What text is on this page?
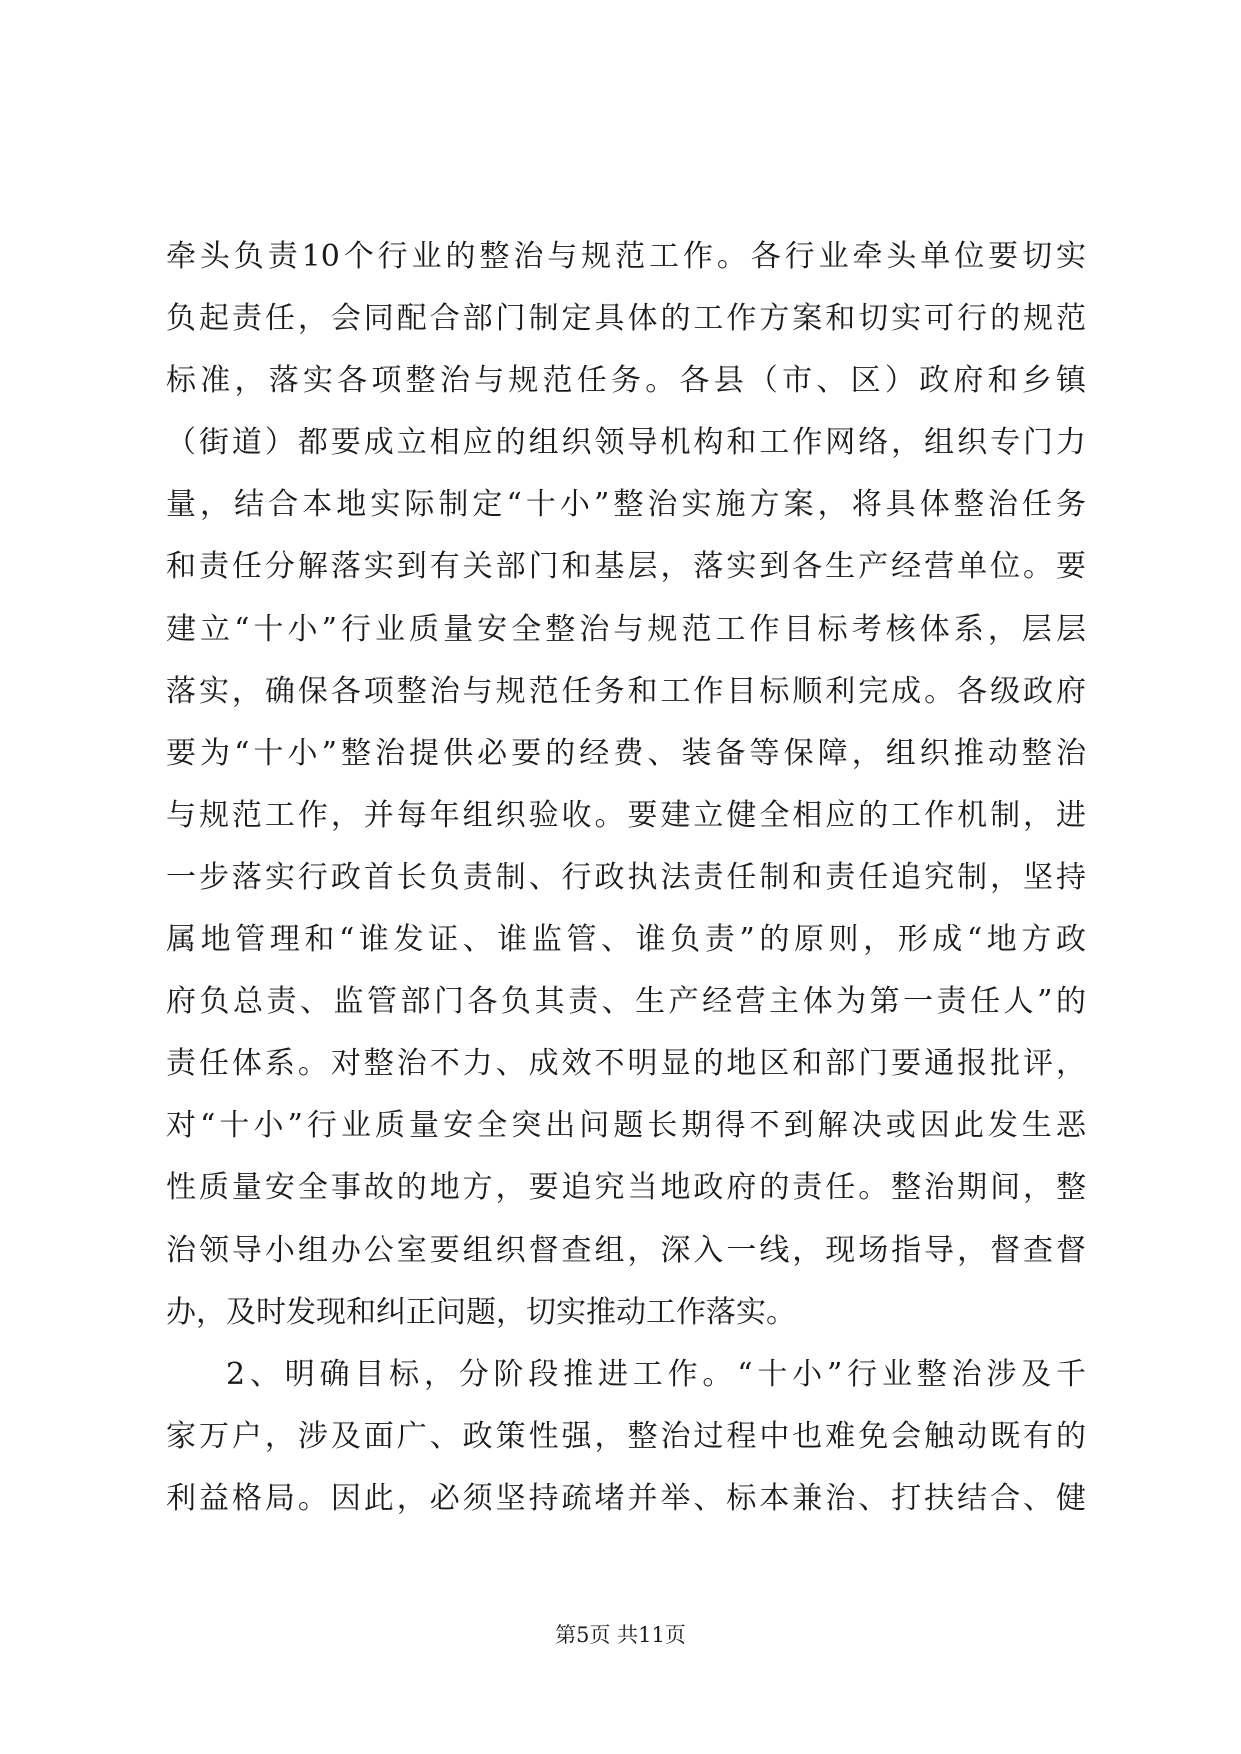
牵头负责10个行业的整治与规范工作。各行业牵头单位要切实
负起责任，会同配合部门制定具体的工作方案和切实可行的规范
标准，落实各项整治与规范任务。各县（市、区）政府和乡镇
（街道）都要成立相应的组织领导机构和工作网络，组织专门力
量，结合本地实际制定“十小”整治实施方案，将具体整治任务
和责任分解落实到有关部门和基层，落实到各生产经营单位。要
建立“十小”行业质量安全整治与规范工作目标考核体系，层层
落实，确保各项整治与规范任务和工作目标顺利完成。各级政府
要为“十小”整治提供必要的经费、装备等保障，组织推动整治
与规范工作，并每年组织验收。要建立健全相应的工作机制，进
一步落实行政首长负责制、行政执法责任制和责任追究制，坚持
属地管理和“谁发证、谁监管、谁负责”的原则，形成“地方政
府负总责、监管部门各负其责、生产经营主体为第一责任人”的
责任体系。对整治不力、成效不明显的地区和部门要通报批评，
对“十小”行业质量安全突出问题长期得不到解决或因此发生恶
性质量安全事故的地方，要追究当地政府的责任。整治期间，整
治领导小组办公室要组织督查组，深入一线，现场指导，督查督
办，及时发现和纠正问题，切实推动工作落实。
2、明确目标，分阶段推进工作。“十小”行业整治涉及千
家万户，涉及面广、政策性强，整治过程中也难免会触动既有的
利益格局。因此，必须坚持疏堵并举、标本兼治、打扶结合、健
第5页 共11页
